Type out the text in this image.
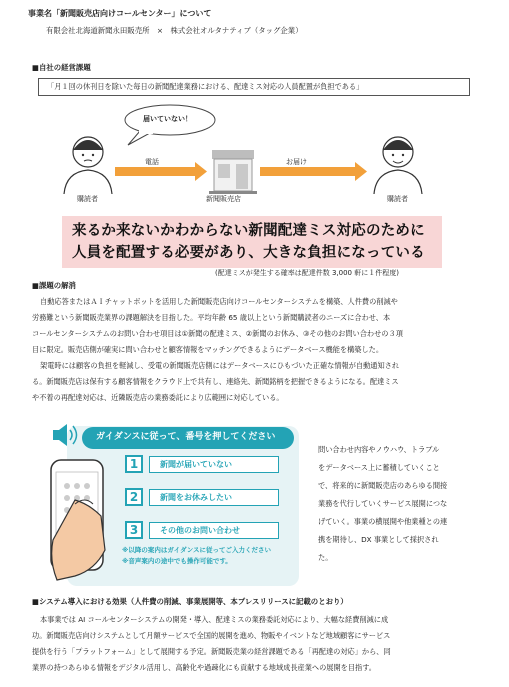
事業名「新聞販売店向けコールセンター」について
有限会社北海道新聞永田販売所　×　株式会社オルタナティブ（タッグ企業）
■自社の経営課題
「月１回の休刊日を除いた毎日の新聞配達業務における、配達ミス対応の人員配置が負担である」
届いていない！
電話	お届け
購読者	新聞販売店	購読者
来るか来ないかわからない新聞配達ミス対応のために
人員を配置する必要があり、大きな負担になっている
(配達ミスが発生する確率は配達件数 3,000 軒に１件程度)
■課題の解消
自動応答またはＡＩチャットボットを活用した新聞販売店向けコールセンターシステムを構築、人件費の削減や
労務難という新聞販売業界の課題解決を目指した。平均年齢 65 歳以上という新聞購読者のニーズに合わせ、本
コールセンターシステムのお問い合わせ項目は①新聞の配達ミス、②新聞のお休み、③その他のお問い合わせの３項
目に限定。販売店側が確実に問い合わせと顧客情報をマッチングできるようにデータベース機能を構築した。
架電時には顧客の負担を軽減し、受電の新聞販売店側にはデータベースにひもづいた正確な情報が自動通知され
る。新聞販売店は保有する顧客情報をクラウド上で共有し、連絡先、新聞銘柄を把握できるようになる。配達ミス
や不着の再配達対応は、近隣販売店の業務委託により広範囲に対応している。
ガイダンスに従って、番号を押してください
1	新聞が届いていない
2	新聞をお休みしたい
3	その他のお問い合わせ
※以降の案内はガイダンスに従ってご入力ください
※音声案内の途中でも操作可能です。
問い合わせ内容やノウハウ、トラブル
をデータベース上に蓄積していくこと
で、将来的に新聞販売店のあらゆる間接
業務を代行していくサービス展開につな
げていく。事業の横展開や他業種との連
携を期待し、DX 事業として採択され
た。
■システム導入における効果（人件費の削減、事業展開等、本プレスリリースに記載のとおり）
本事業では AI コールセンターシステムの開発・導入、配達ミスの業務委託対応により、大幅な経費削減に成
功。新聞販売店向けシステムとして月額サービスで全国的展開を進め、物販やイベントなど地域顧客にサービス
提供を行う「プラットフォーム」として展開する予定。新聞販売業の経営課題である「再配達の対応」から、同
業界の持つあらゆる情報をデジタル活用し、高齢化や過疎化にも貢献する地域成長産業への展開を目指す。
